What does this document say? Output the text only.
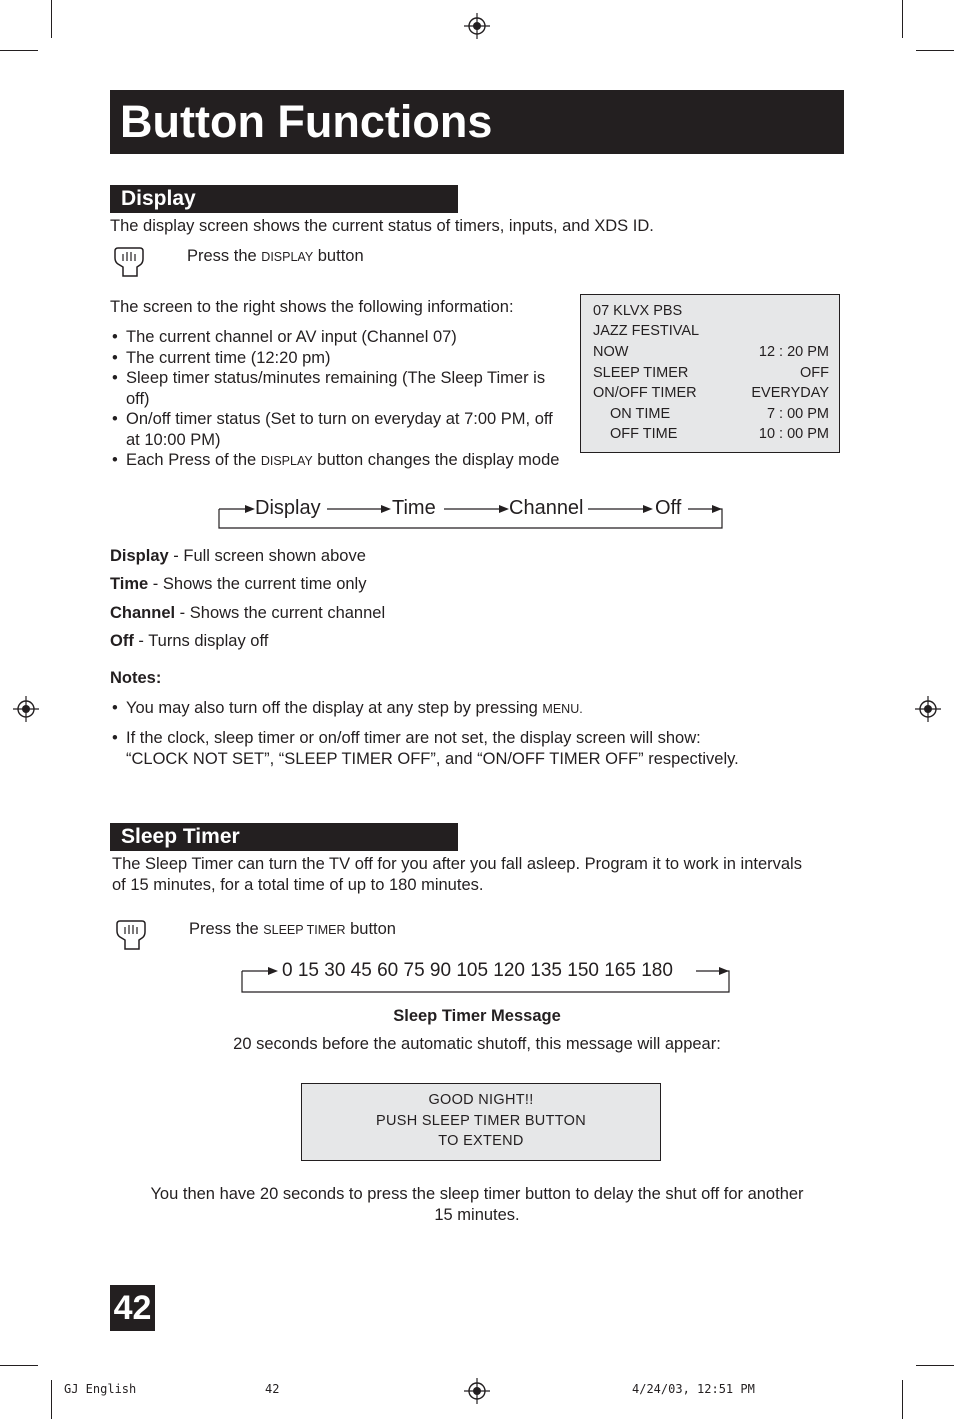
Button Functions
Display
The display screen shows the current status of timers, inputs, and XDS ID.
Press the DISPLAY button
The screen to the right shows the following information:
• The current channel or AV input (Channel 07)
• The current time (12:20 pm)
• Sleep timer status/minutes remaining (The Sleep Timer is off)
• On/off timer status (Set to turn on everyday at 7:00 PM, off at 10:00 PM)
• Each Press of the DISPLAY button changes the display mode
07 KLVX PBS
JAZZ FESTIVAL
NOW	12 : 20 PM
SLEEP TIMER	OFF
ON/OFF TIMER	EVERYDAY
ON TIME	7 : 00 PM
OFF TIME	10 : 00 PM
Display	Time	Channel	Off
Display - Full screen shown above
Time - Shows the current time only
Channel - Shows the current channel
Off - Turns display off
Notes:
• You may also turn off the display at any step by pressing MENU.
• If the clock, sleep timer or on/off timer are not set, the display screen will show:
“CLOCK NOT SET”, “SLEEP TIMER OFF”, and “ON/OFF TIMER OFF” respectively.
Sleep Timer
The Sleep Timer can turn the TV off for you after you fall asleep. Program it to work in intervals
of 15 minutes, for a total time of up to 180 minutes.
Press the SLEEP TIMER button
0 15 30 45 60 75 90 105 120 135 150 165 180
Sleep Timer Message
20 seconds before the automatic shutoff, this message will appear:
GOOD NIGHT!!
PUSH SLEEP TIMER BUTTON
TO EXTEND
You then have 20 seconds to press the sleep timer button to delay the shut off for another
15 minutes.
42
GJ English	42	4/24/03, 12:51 PM
